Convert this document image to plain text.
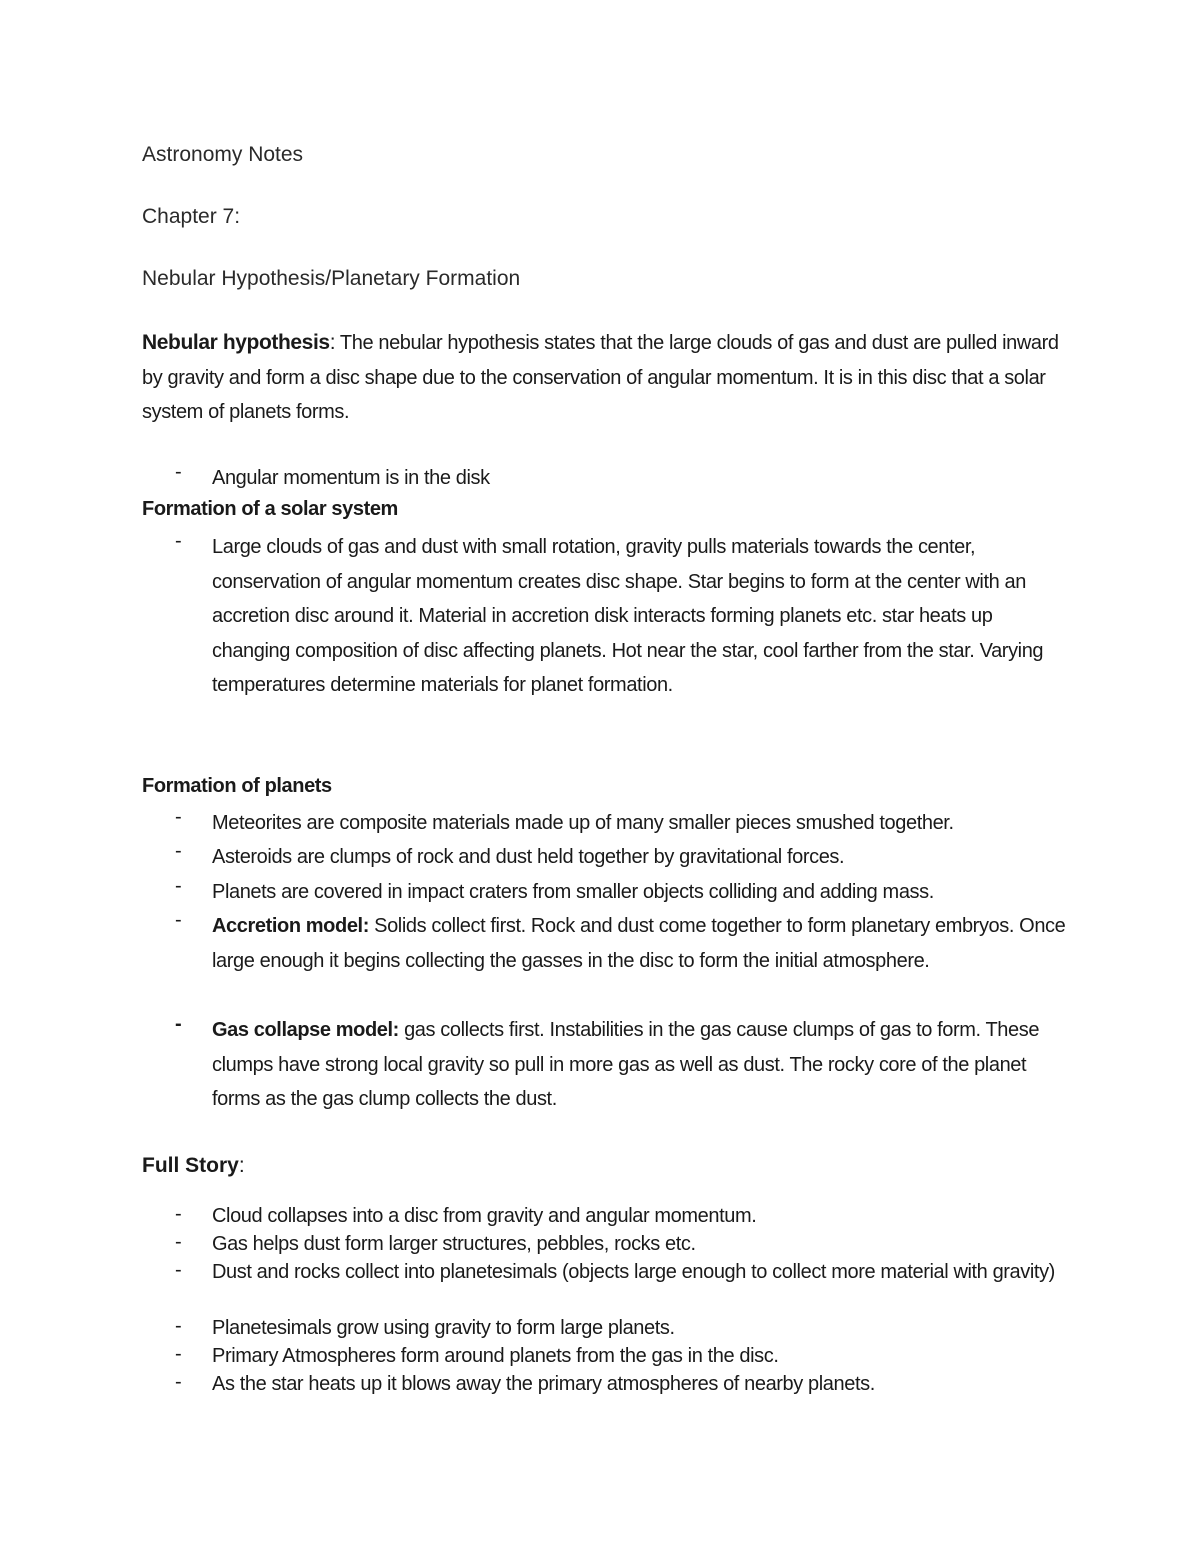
Astronomy Notes
Chapter 7:
Nebular Hypothesis/Planetary Formation
Nebular hypothesis: The nebular hypothesis states that the large clouds of gas and dust are pulled inward by gravity and form a disc shape due to the conservation of angular momentum. It is in this disc that a solar system of planets forms.
- Angular momentum is in the disk
Formation of a solar system
- Large clouds of gas and dust with small rotation, gravity pulls materials towards the center, conservation of angular momentum creates disc shape. Star begins to form at the center with an accretion disc around it. Material in accretion disk interacts forming planets etc. star heats up changing composition of disc affecting planets. Hot near the star, cool farther from the star. Varying temperatures determine materials for planet formation.
Formation of planets
- Meteorites are composite materials made up of many smaller pieces smushed together.
- Asteroids are clumps of rock and dust held together by gravitational forces.
- Planets are covered in impact craters from smaller objects colliding and adding mass.
- Accretion model: Solids collect first. Rock and dust come together to form planetary embryos. Once large enough it begins collecting the gasses in the disc to form the initial atmosphere.
- Gas collapse model: gas collects first. Instabilities in the gas cause clumps of gas to form. These clumps have strong local gravity so pull in more gas as well as dust. The rocky core of the planet forms as the gas clump collects the dust.
Full Story:
- Cloud collapses into a disc from gravity and angular momentum.
- Gas helps dust form larger structures, pebbles, rocks etc.
- Dust and rocks collect into planetesimals (objects large enough to collect more material with gravity)
- Planetesimals grow using gravity to form large planets.
- Primary Atmospheres form around planets from the gas in the disc.
- As the star heats up it blows away the primary atmospheres of nearby planets.
